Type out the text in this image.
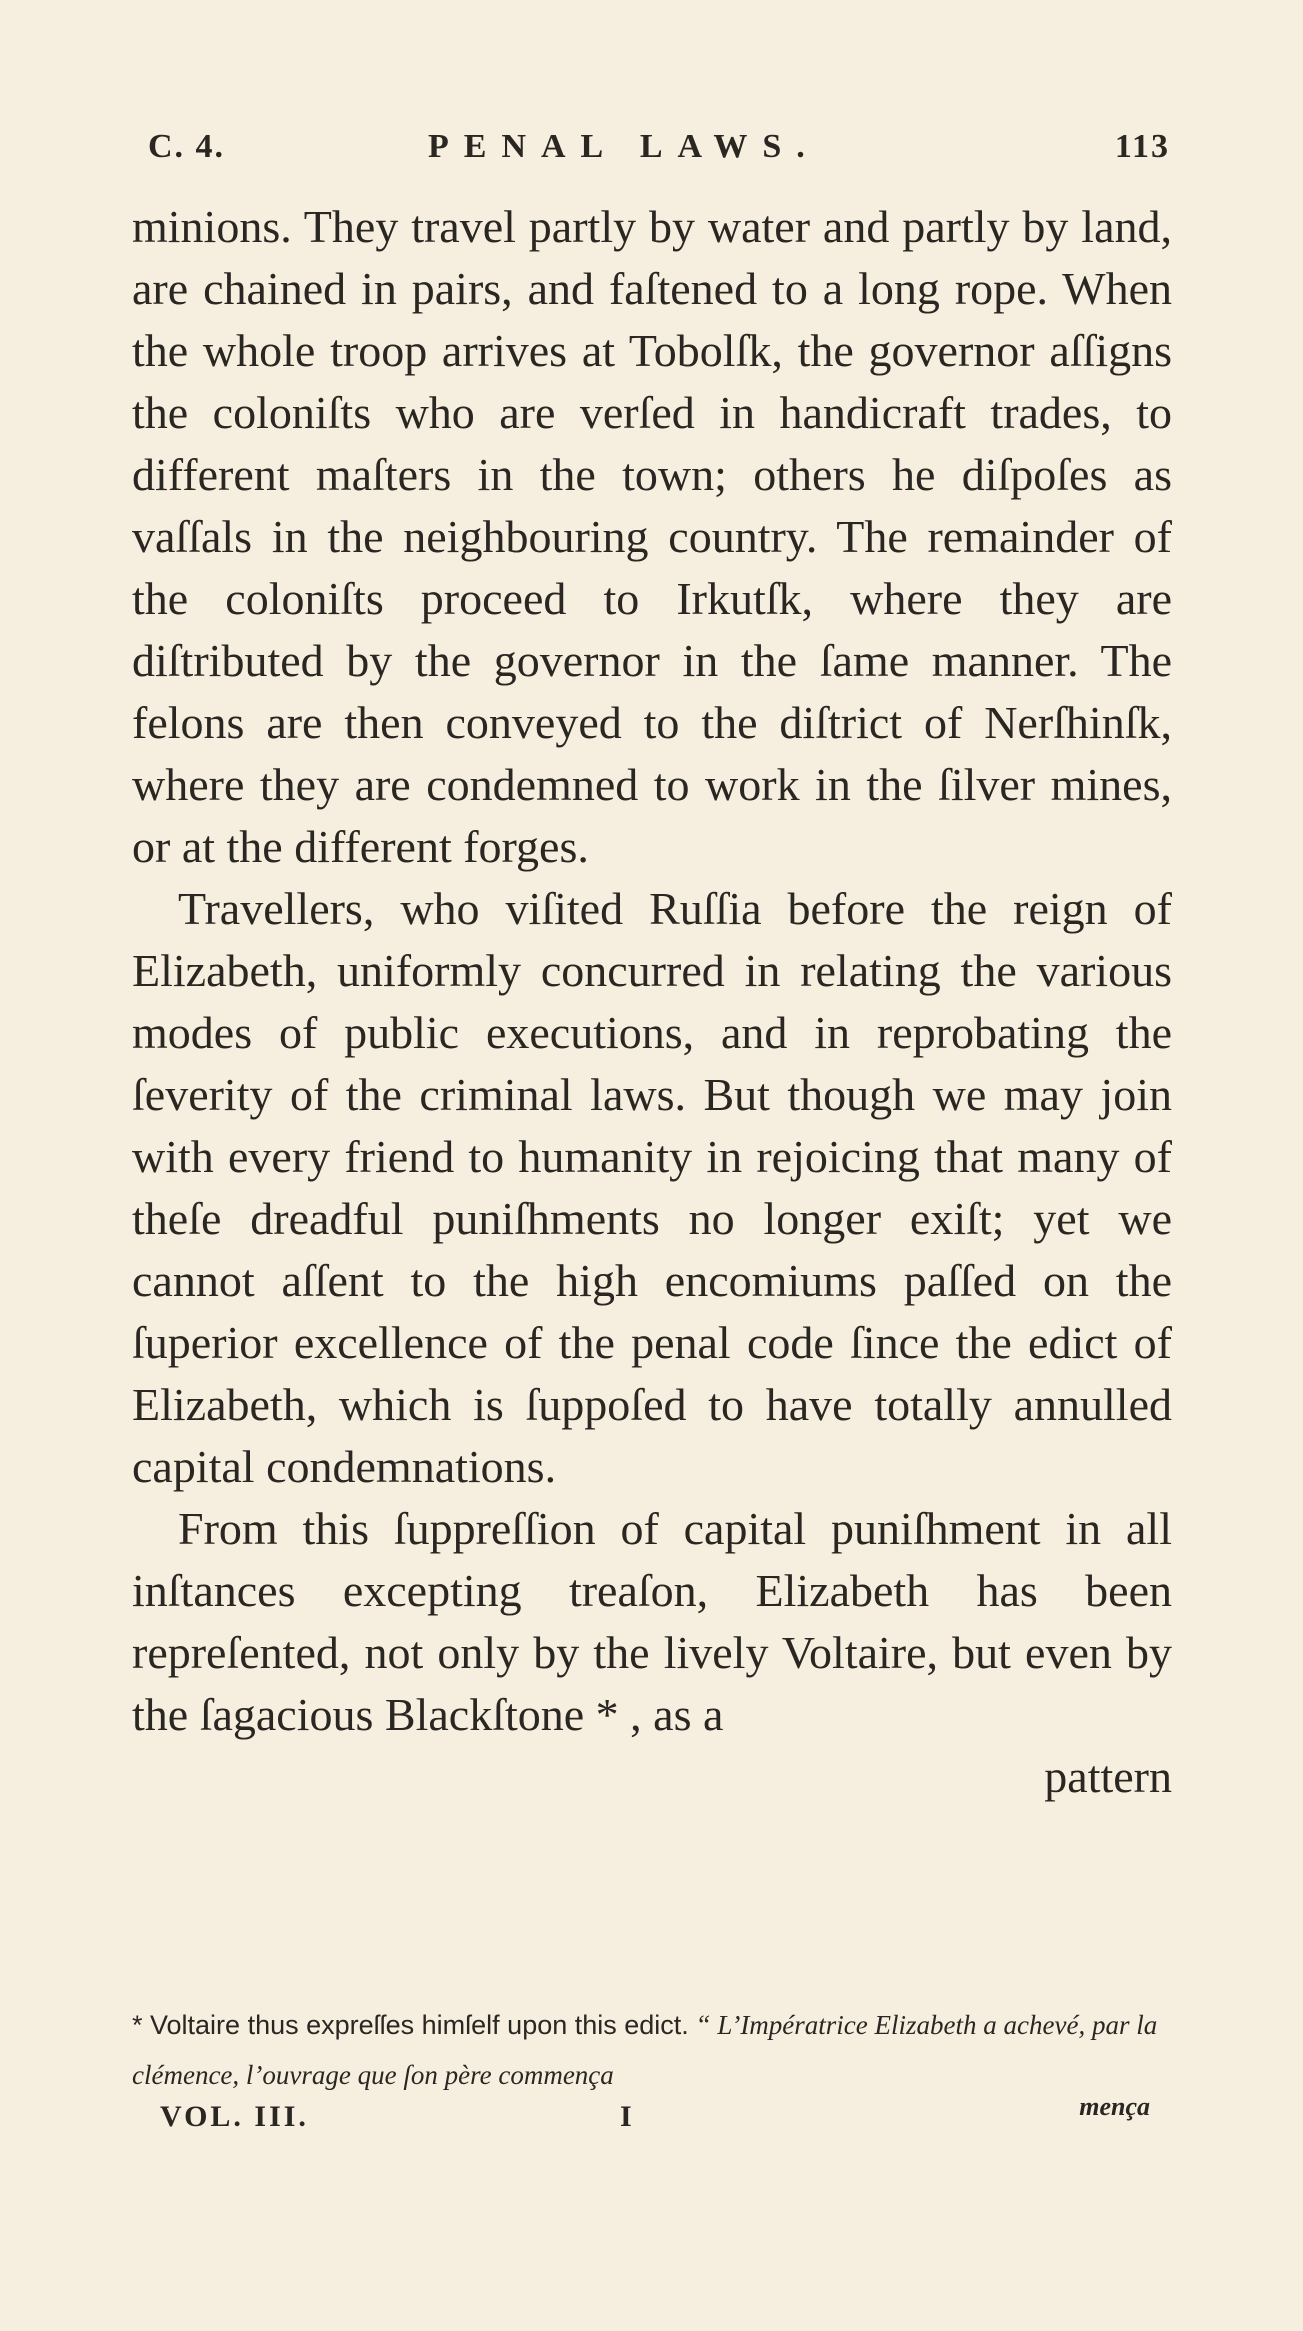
C. 4.	PENAL LAWS.	113

minions. They travel partly by water and partly by land, are chained in pairs, and faſtened to a long rope. When the whole troop arrives at Tobolſk, the governor aſſigns the coloniſts who are verſed in handicraft trades, to different maſters in the town; others he diſpoſes as vaſſals in the neighbouring country. The remainder of the coloniſts proceed to Irkutſk, where they are diſtributed by the governor in the ſame manner. The felons are then conveyed to the diſtrict of Nerſhinſk, where they are condemned to work in the ſilver mines, or at the different forges.

Travellers, who viſited Ruſſia before the reign of Elizabeth, uniformly concurred in relating the various modes of public executions, and in reprobating the ſeverity of the criminal laws. But though we may join with every friend to humanity in rejoicing that many of theſe dreadful puniſhments no longer exiſt; yet we cannot aſſent to the high encomiums paſſed on the ſuperior excellence of the penal code ſince the edict of Elizabeth, which is ſuppoſed to have totally annulled capital condemnations.

From this ſuppreſſion of capital puniſhment in all inſtances excepting treaſon, Elizabeth has been repreſented, not only by the lively Voltaire, but even by the ſagacious Blackſtone * , as a

pattern

* Voltaire thus expreſſes himſelf upon this edict. “ L’Impératrice Elizabeth a achevé, par la clémence, l’ouvrage que ſon père commença
VOL. III.	I	mença
